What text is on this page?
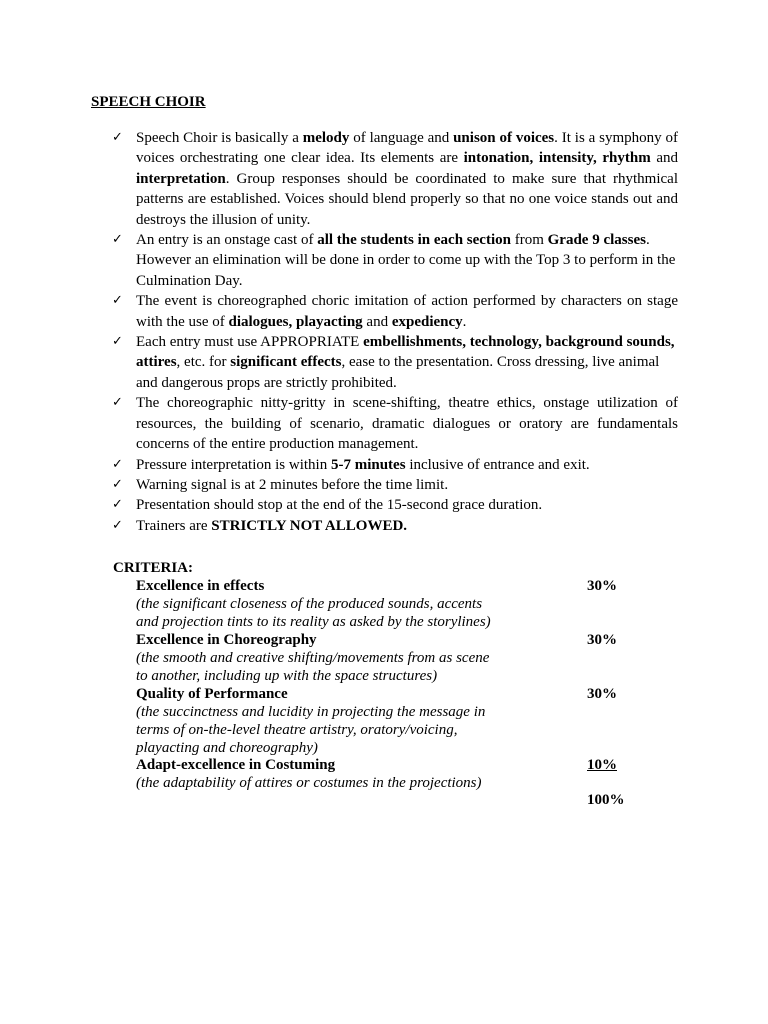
SPEECH CHOIR
✓ Speech Choir is basically a melody of language and unison of voices. It is a symphony of voices orchestrating one clear idea. Its elements are intonation, intensity, rhythm and interpretation. Group responses should be coordinated to make sure that rhythmical patterns are established. Voices should blend properly so that no one voice stands out and destroys the illusion of unity.
✓ An entry is an onstage cast of all the students in each section from Grade 9 classes. However an elimination will be done in order to come up with the Top 3 to perform in the Culmination Day.
✓ The event is choreographed choric imitation of action performed by characters on stage with the use of dialogues, playacting and expediency.
✓ Each entry must use APPROPRIATE embellishments, technology, background sounds, attires, etc. for significant effects, ease to the presentation. Cross dressing, live animal and dangerous props are strictly prohibited.
✓ The choreographic nitty-gritty in scene-shifting, theatre ethics, onstage utilization of resources, the building of scenario, dramatic dialogues or oratory are fundamentals concerns of the entire production management.
✓ Pressure interpretation is within 5-7 minutes inclusive of entrance and exit.
✓ Warning signal is at 2 minutes before the time limit.
✓ Presentation should stop at the end of the 15-second grace duration.
✓ Trainers are STRICTLY NOT ALLOWED.
CRITERIA:
Excellence in effects
(the significant closeness of the produced sounds, accents
and projection tints to its reality as asked by the storylines)
30%
Excellence in Choreography
(the smooth and creative shifting/movements from as scene
to another, including up with the space structures)
30%
Quality of Performance
(the succinctness and lucidity in projecting the message in
terms of on-the-level theatre artistry, oratory/voicing,
playacting and choreography)
30%
Adapt-excellence in Costuming
(the adaptability of attires or costumes in the projections)
10%
100%
